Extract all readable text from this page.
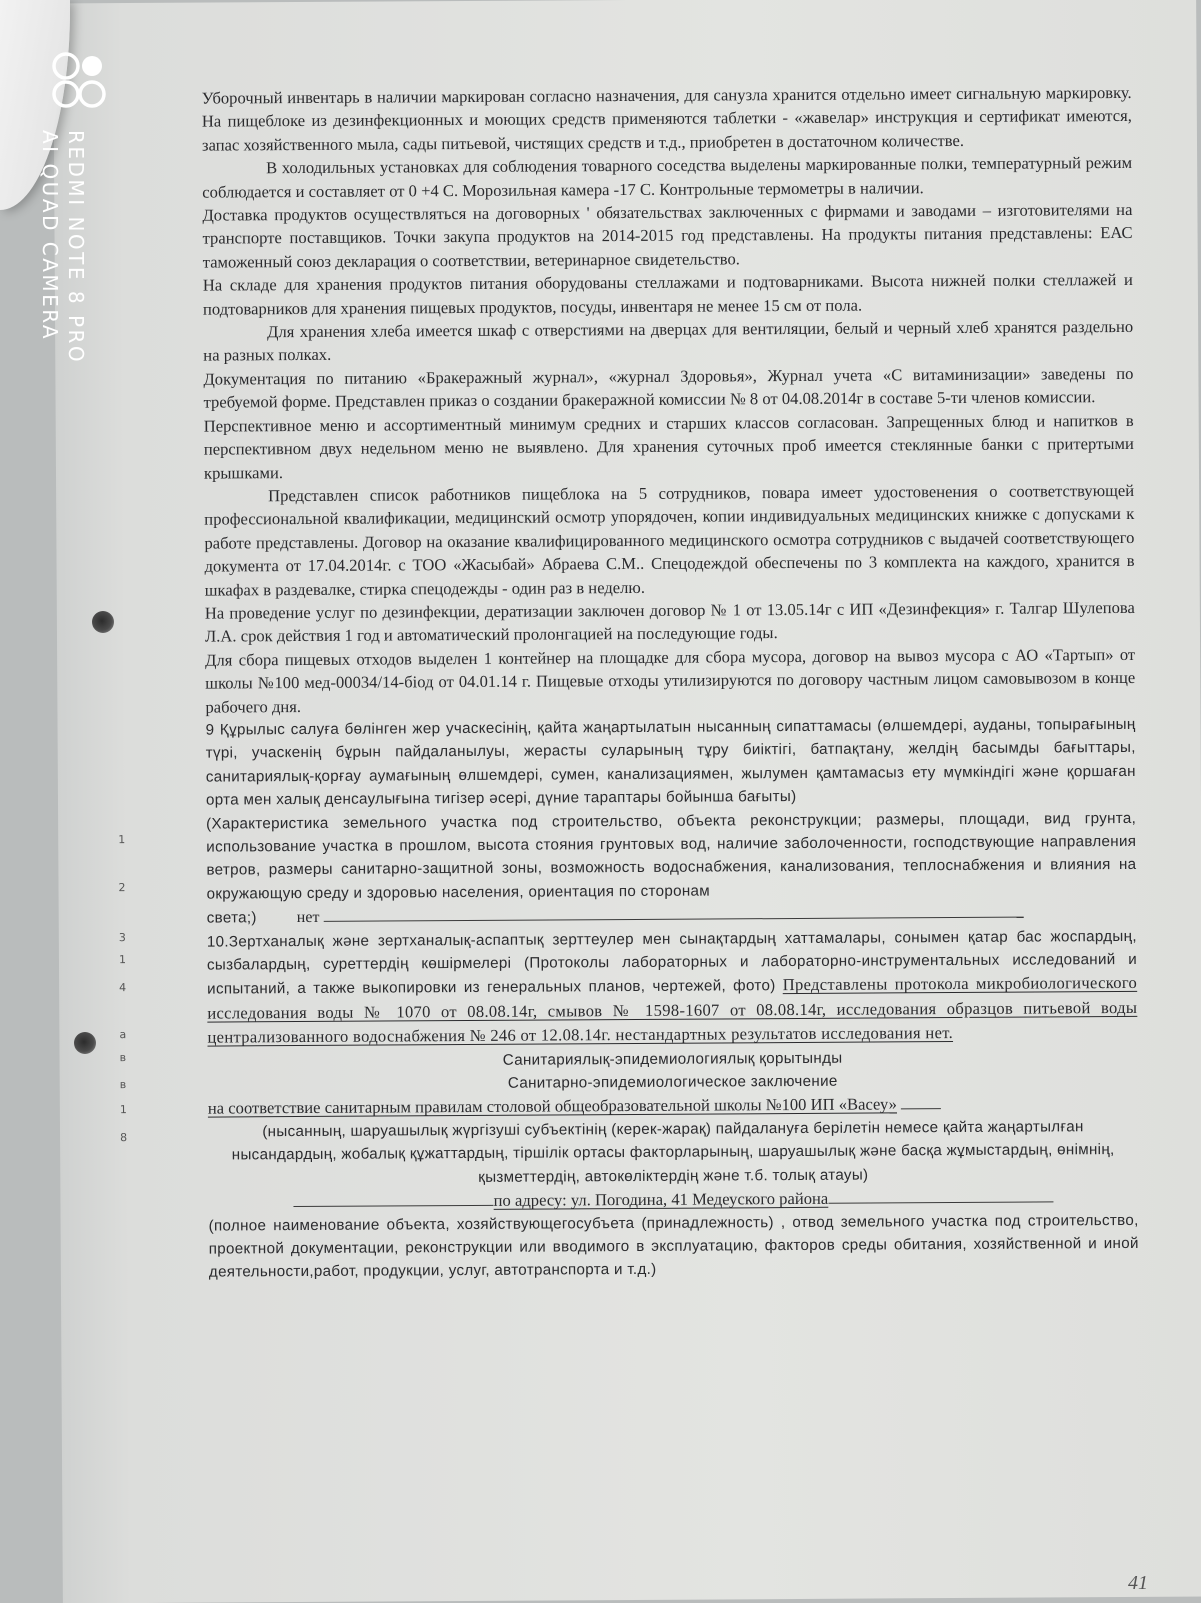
Уборочный инвентарь в наличии маркирован согласно назначения, для санузла хранится отдельно имеет сигнальную маркировку. На пищеблоке из дезинфекционных и моющих средств применяются таблетки - «жавелар» инструкция и сертификат имеются, запас хозяйственного мыла, сады питьевой, чистящих средств и т.д., приобретен в достаточном количестве.

В холодильных установках для соблюдения товарного соседства выделены маркированные полки, температурный режим соблюдается и составляет от 0 +4 С. Морозильная камера -17 С. Контрольные термометры в наличии.

Доставка продуктов осуществляться на договорных ' обязательствах заключенных с фирмами и заводами – изготовителями на транспорте поставщиков. Точки закупа продуктов на 2014-2015 год представлены. На продукты питания представлены: ЕАС таможенный союз декларация о соответствии, ветеринарное свидетельство.

На складе для хранения продуктов питания оборудованы стеллажами и подтоварниками. Высота нижней полки стеллажей и подтоварников для хранения пищевых продуктов, посуды, инвентаря не менее 15 см от пола.

Для хранения хлеба имеется шкаф с отверстиями на дверцах для вентиляции, белый и черный хлеб хранятся раздельно на разных полках.

Документация по питанию «Бракеражный журнал», «журнал Здоровья», Журнал учета «С витаминизации» заведены по требуемой форме. Представлен приказ о создании бракеражной комиссии № 8 от 04.08.2014г в составе 5-ти членов комиссии.

Перспективное меню и ассортиментный минимум средних и старших классов согласован. Запрещенных блюд и напитков в перспективном двух недельном меню не выявлено. Для хранения суточных проб имеется стеклянные банки с притертыми крышками.

Представлен список работников пищеблока на 5 сотрудников, повара имеет удостовенения о соответствующей профессиональной квалификации, медицинский осмотр упорядочен, копии индивидуальных медицинских книжке с допусками к работе представлены. Договор на оказание квалифицированного медицинского осмотра сотрудников с выдачей соответствующего документа от 17.04.2014г. с ТОО «Жасыбай» Абраева С.М.. Спецодеждой обеспечены по 3 комплекта на каждого, хранится в шкафах в раздевалке, стирка спецодежды - один раз в неделю.

На проведение услуг по дезинфекции, дератизации заключен договор № 1 от 13.05.14г с ИП «Дезинфекция» г. Талгар Шулепова Л.А. срок действия 1 год и автоматический пролонгацией на последующие годы.

Для сбора пищевых отходов выделен 1 контейнер на площадке для сбора мусора, договор на вывоз мусора с АО «Тартып» от школы №100 мед-00034/14-біод от 04.01.14 г. Пищевые отходы утилизируются по договору частным лицом самовывозом в конце рабочего дня.

9 Құрылыс салуға бөлінген жер учаскесінің, қайта жаңартылатын нысанның сипаттамасы (өлшемдері, ауданы, топырағының түрі, учаскенің бұрын пайдаланылуы, жерасты суларының тұру биіктігі, батпақтану, желдің басымды бағыттары, санитариялық-қорғау аумағының өлшемдері, сумен, канализациямен, жылумен қамтамасыз ету мүмкіндігі және қоршаған орта мен халық денсаулығына тигізер әсері, дүние тараптары бойынша бағыты)

(Характеристика земельного участка под строительство, объекта реконструкции; размеры, площади, вид грунта, использование участка в прошлом, высота стояния грунтовых вод, наличие заболоченности, господствующие направления ветров, размеры санитарно-защитной зоны, возможность водоснабжения, канализования, теплоснабжения и влияния на окружающую среду и здоровью населения, ориентация по сторонам

света;) нет

10.Зертханалық және зертханалық-аспаптық зерттеулер мен сынақтардың хаттамалары, сонымен қатар бас жоспардың, сызбалардың, суреттердің көшірмелері (Протоколы лабораторных и лабораторно-инструментальных исследований и испытаний, а также выкопировки из генеральных планов, чертежей, фото) Представлены протокола микробиологического исследования воды № 1070 от 08.08.14г, смывов № 1598-1607 от 08.08.14г, исследования образцов питьевой воды централизованного водоснабжения № 246 от 12.08.14г. нестандартных результатов исследования нет.

Санитариялық-эпидемиологиялық қорытынды

Санитарно-эпидемиологическое заключение

на соответствие санитарным правилам столовой общеобразовательной школы №100 ИП «Васеу»

(нысанның, шаруашылық жүргізуші субъектінің (керек-жарақ) пайдалануға берілетін немесе қайта жаңартылған нысандардың, жобалық құжаттардың, тіршілік ортасы факторларының, шаруашылық және басқа жұмыстардың, өнімнің, қызметтердің, автокөліктердің және т.б. толық атауы)

по адресу: ул. Погодина, 41 Медеуского района

(полное наименование объекта, хозяйствующегосубъета (принадлежность) , отвод земельного участка под строительство, проектной документации, реконструкции или вводимого в эксплуатацию, факторов среды обитания, хозяйственной и иной деятельности,работ, продукции, услуг, автотранспорта и т.д.)

1
2
3
1
4
a
в
в
1
8
REDMI NOTE 8 PRO
AI QUAD CAMERA
41
